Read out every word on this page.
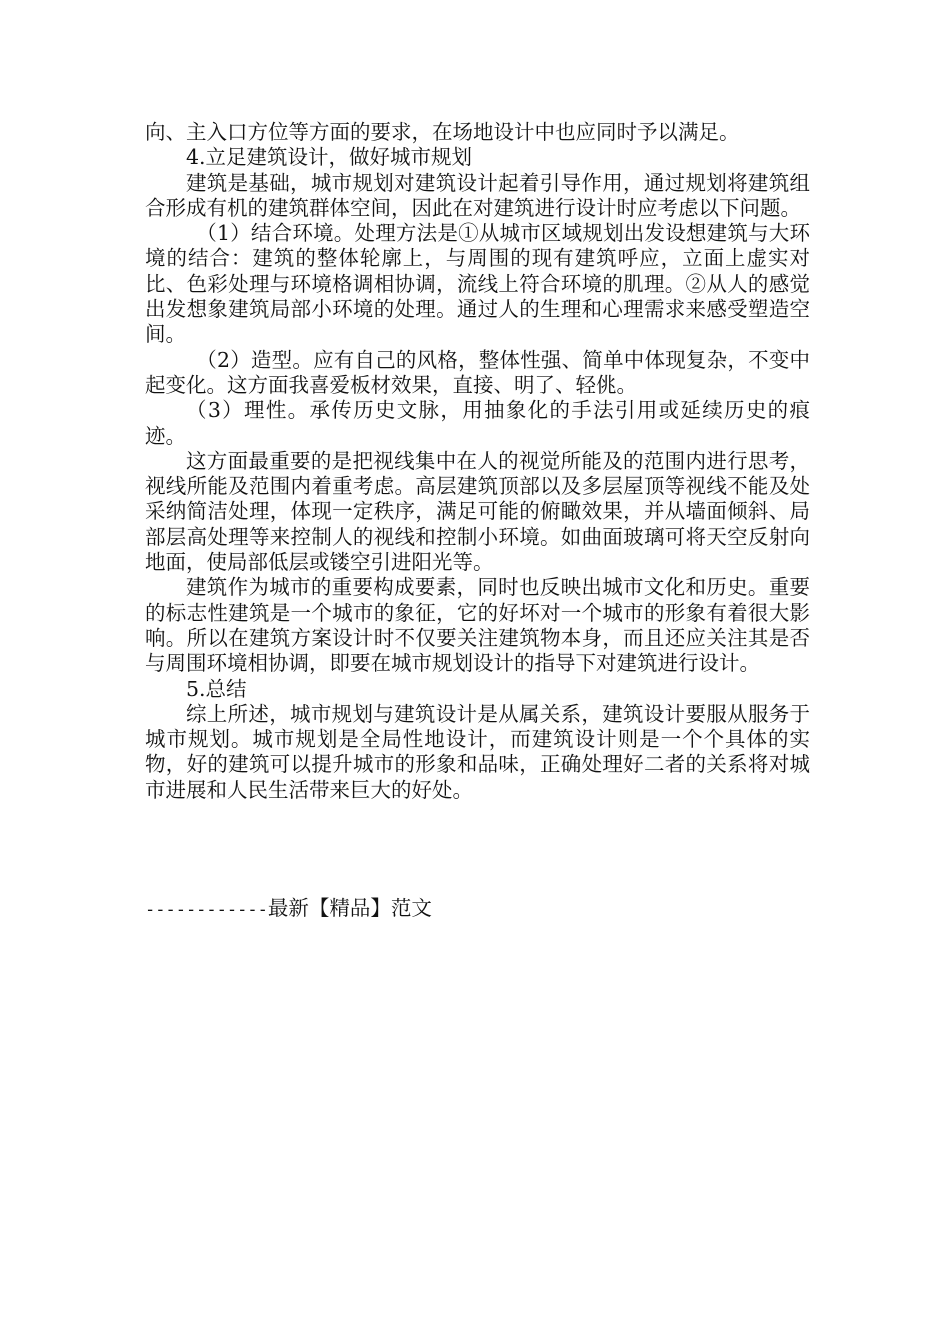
向、主入口方位等方面的要求，在场地设计中也应同时予以满足。

4.立足建筑设计，做好城市规划

建筑是基础，城市规划对建筑设计起着引导作用，通过规划将建筑组合形成有机的建筑群体空间，因此在对建筑进行设计时应考虑以下问题。

（1）结合环境。处理方法是①从城市区域规划出发设想建筑与大环境的结合：建筑的整体轮廓上，与周围的现有建筑呼应，立面上虚实对比、色彩处理与环境格调相协调，流线上符合环境的肌理。②从人的感觉出发想象建筑局部小环境的处理。通过人的生理和心理需求来感受塑造空间。

（2）造型。应有自己的风格，整体性强、简单中体现复杂，不变中起变化。这方面我喜爱板材效果，直接、明了、轻佻。

（3）理性。承传历史文脉，用抽象化的手法引用或延续历史的痕迹。

这方面最重要的是把视线集中在人的视觉所能及的范围内进行思考，视线所能及范围内着重考虑。高层建筑顶部以及多层屋顶等视线不能及处采纳简洁处理，体现一定秩序，满足可能的俯瞰效果，并从墙面倾斜、局部层高处理等来控制人的视线和控制小环境。如曲面玻璃可将天空反射向地面，使局部低层或镂空引进阳光等。

建筑作为城市的重要构成要素，同时也反映出城市文化和历史。重要的标志性建筑是一个城市的象征，它的好坏对一个城市的形象有着很大影响。所以在建筑方案设计时不仅要关注建筑物本身，而且还应关注其是否与周围环境相协调，即要在城市规划设计的指导下对建筑进行设计。

5.总结

综上所述，城市规划与建筑设计是从属关系，建筑设计要服从服务于城市规划。城市规划是全局性地设计，而建筑设计则是一个个具体的实物，好的建筑可以提升城市的形象和品味，正确处理好二者的关系将对城市进展和人民生活带来巨大的好处。

------------最新【精品】范文
